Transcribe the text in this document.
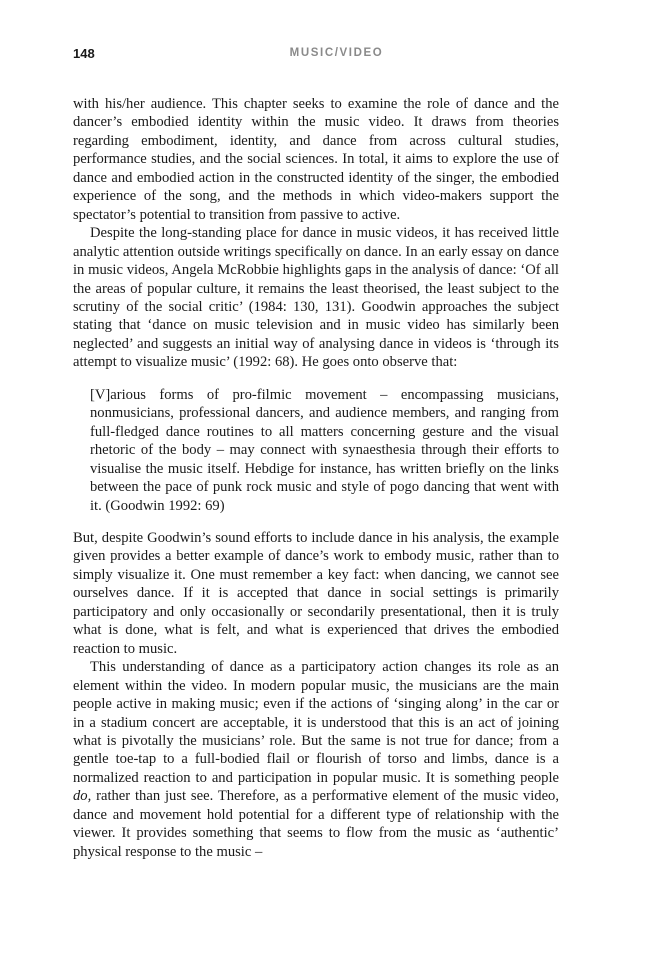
148	MUSIC/VIDEO

with his/her audience. This chapter seeks to examine the role of dance and the dancer’s embodied identity within the music video. It draws from theories regarding embodiment, identity, and dance from across cultural studies, performance studies, and the social sciences. In total, it aims to explore the use of dance and embodied action in the constructed identity of the singer, the embodied experience of the song, and the methods in which video-makers support the spectator’s potential to transition from passive to active.

Despite the long-standing place for dance in music videos, it has received little analytic attention outside writings specifically on dance. In an early essay on dance in music videos, Angela McRobbie highlights gaps in the analysis of dance: ‘Of all the areas of popular culture, it remains the least theorised, the least subject to the scrutiny of the social critic’ (1984: 130, 131). Goodwin approaches the subject stating that ‘dance on music television and in music video has similarly been neglected’ and suggests an initial way of analysing dance in videos is ‘through its attempt to visualize music’ (1992: 68). He goes onto observe that:

[V]arious forms of pro-filmic movement – encompassing musicians, nonmusicians, professional dancers, and audience members, and ranging from full-fledged dance routines to all matters concerning gesture and the visual rhetoric of the body – may connect with synaesthesia through their efforts to visualise the music itself. Hebdige for instance, has written briefly on the links between the pace of punk rock music and style of pogo dancing that went with it. (Goodwin 1992: 69)

But, despite Goodwin’s sound efforts to include dance in his analysis, the example given provides a better example of dance’s work to embody music, rather than to simply visualize it. One must remember a key fact: when dancing, we cannot see ourselves dance. If it is accepted that dance in social settings is primarily participatory and only occasionally or secondarily presentational, then it is truly what is done, what is felt, and what is experienced that drives the embodied reaction to music.

This understanding of dance as a participatory action changes its role as an element within the video. In modern popular music, the musicians are the main people active in making music; even if the actions of ‘singing along’ in the car or in a stadium concert are acceptable, it is understood that this is an act of joining what is pivotally the musicians’ role. But the same is not true for dance; from a gentle toe-tap to a full-bodied flail or flourish of torso and limbs, dance is a normalized reaction to and participation in popular music. It is something people do, rather than just see. Therefore, as a performative element of the music video, dance and movement hold potential for a different type of relationship with the viewer. It provides something that seems to flow from the music as ‘authentic’ physical response to the music –
